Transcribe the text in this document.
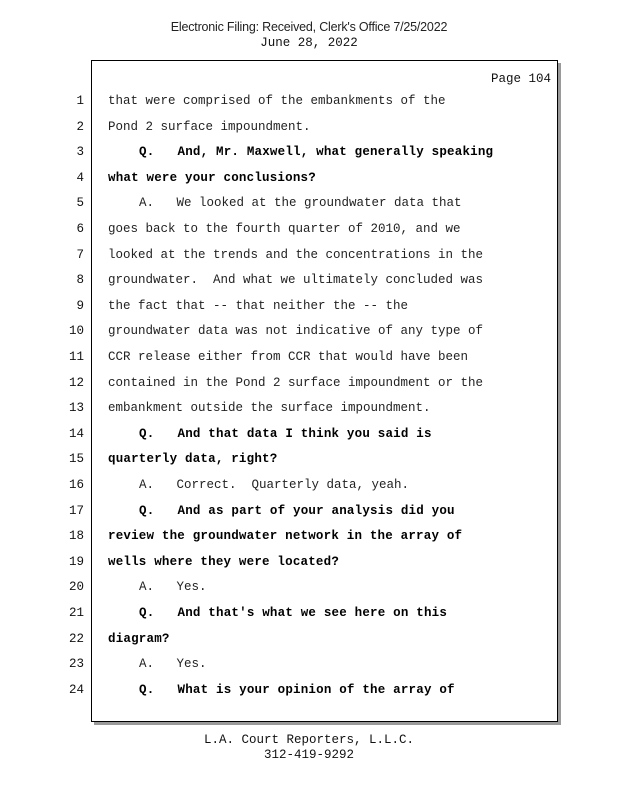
Electronic Filing: Received, Clerk's Office 7/25/2022
June 28, 2022
Page 104
1 that were comprised of the embankments of the
2 Pond 2 surface impoundment.
3	Q.   And, Mr. Maxwell, what generally speaking
4 what were your conclusions?
5	A.   We looked at the groundwater data that
6 goes back to the fourth quarter of 2010, and we
7 looked at the trends and the concentrations in the
8 groundwater.  And what we ultimately concluded was
9 the fact that -- that neither the -- the
10 groundwater data was not indicative of any type of
11 CCR release either from CCR that would have been
12 contained in the Pond 2 surface impoundment or the
13 embankment outside the surface impoundment.
14	Q.   And that data I think you said is
15 quarterly data, right?
16	A.   Correct.  Quarterly data, yeah.
17	Q.   And as part of your analysis did you
18 review the groundwater network in the array of
19 wells where they were located?
20	A.   Yes.
21	Q.   And that's what we see here on this
22 diagram?
23	A.   Yes.
24	Q.   What is your opinion of the array of
L.A. Court Reporters, L.L.C.
312-419-9292
